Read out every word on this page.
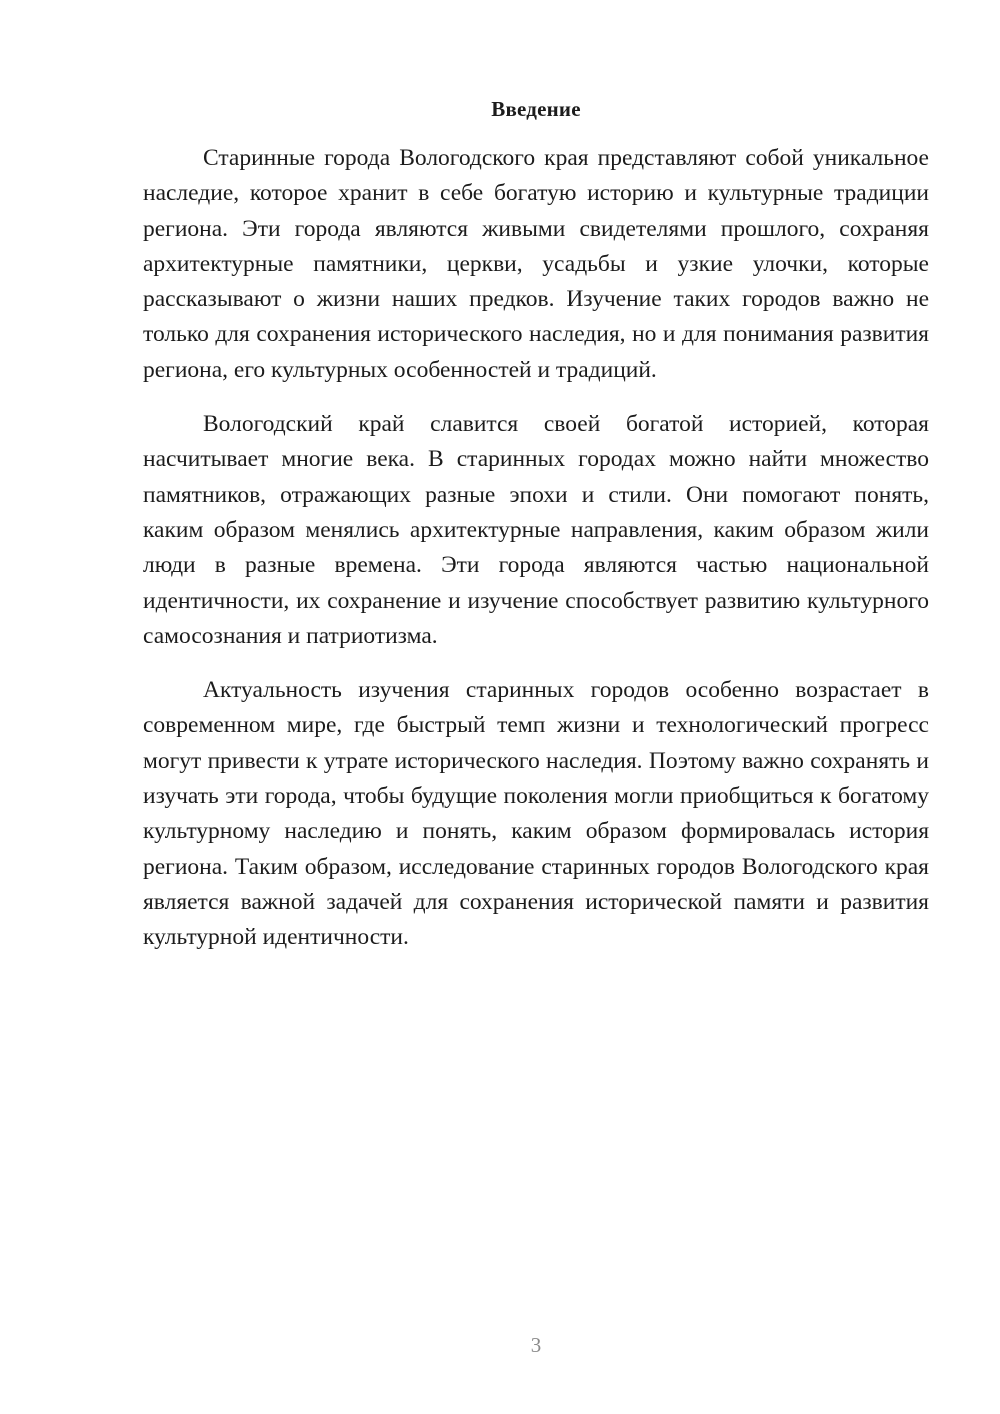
Введение

Старинные города Вологодского края представляют собой уникальное наследие, которое хранит в себе богатую историю и культурные традиции региона. Эти города являются живыми свидетелями прошлого, сохраняя архитектурные памятники, церкви, усадьбы и узкие улочки, которые рассказывают о жизни наших предков. Изучение таких городов важно не только для сохранения исторического наследия, но и для понимания развития региона, его культурных особенностей и традиций.

Вологодский край славится своей богатой историей, которая насчитывает многие века. В старинных городах можно найти множество памятников, отражающих разные эпохи и стили. Они помогают понять, каким образом менялись архитектурные направления, каким образом жили люди в разные времена. Эти города являются частью национальной идентичности, их сохранение и изучение способствует развитию культурного самосознания и патриотизма.

Актуальность изучения старинных городов особенно возрастает в современном мире, где быстрый темп жизни и технологический прогресс могут привести к утрате исторического наследия. Поэтому важно сохранять и изучать эти города, чтобы будущие поколения могли приобщиться к богатому культурному наследию и понять, каким образом формировалась история региона. Таким образом, исследование старинных городов Вологодского края является важной задачей для сохранения исторической памяти и развития культурной идентичности.

3
